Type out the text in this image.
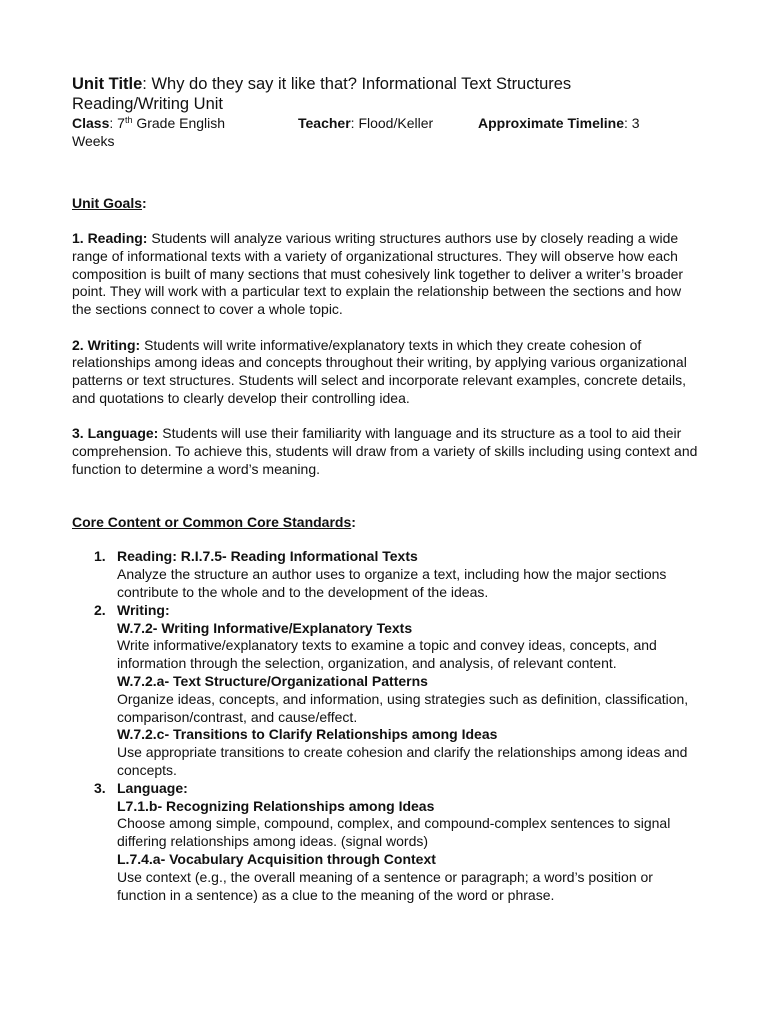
Unit Title: Why do they say it like that? Informational Text Structures
Reading/Writing Unit
Class: 7th Grade English	Teacher: Flood/Keller	Approximate Timeline: 3
Weeks
Unit Goals:
1. Reading: Students will analyze various writing structures authors use by closely reading a wide range of informational texts with a variety of organizational structures. They will observe how each composition is built of many sections that must cohesively link together to deliver a writer’s broader point. They will work with a particular text to explain the relationship between the sections and how the sections connect to cover a whole topic.
2. Writing: Students will write informative/explanatory texts in which they create cohesion of relationships among ideas and concepts throughout their writing, by applying various organizational patterns or text structures. Students will select and incorporate relevant examples, concrete details, and quotations to clearly develop their controlling idea.
3. Language: Students will use their familiarity with language and its structure as a tool to aid their comprehension. To achieve this, students will draw from a variety of skills including using context and function to determine a word’s meaning.
Core Content or Common Core Standards:
1. Reading: R.I.7.5- Reading Informational Texts
Analyze the structure an author uses to organize a text, including how the major sections contribute to the whole and to the development of the ideas.
2. Writing:
W.7.2- Writing Informative/Explanatory Texts
Write informative/explanatory texts to examine a topic and convey ideas, concepts, and information through the selection, organization, and analysis, of relevant content.
W.7.2.a- Text Structure/Organizational Patterns
Organize ideas, concepts, and information, using strategies such as definition, classification, comparison/contrast, and cause/effect.
W.7.2.c- Transitions to Clarify Relationships among Ideas
Use appropriate transitions to create cohesion and clarify the relationships among ideas and concepts.
3. Language:
L7.1.b- Recognizing Relationships among Ideas
Choose among simple, compound, complex, and compound-complex sentences to signal differing relationships among ideas. (signal words)
L.7.4.a- Vocabulary Acquisition through Context
Use context (e.g., the overall meaning of a sentence or paragraph; a word’s position or function in a sentence) as a clue to the meaning of the word or phrase.
